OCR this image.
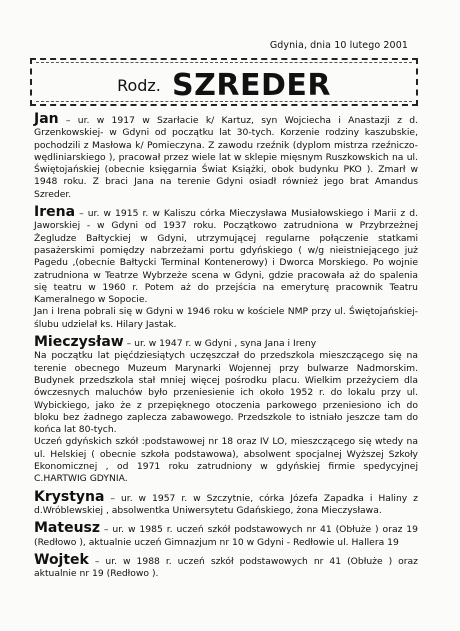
Gdynia, dnia 10 lutego 2001
Rodz. SZREDER

Jan – ur. w 1917 w Szarłacie k/ Kartuz, syn Wojciecha i Anastazji z d. Grzenkowskiej- w Gdyni od początku lat 30-tych. Korzenie rodziny kaszubskie, pochodzili z Masłowa k/ Pomieczyna. Z zawodu rzeźnik (dyplom mistrza rzeźniczo-wędliniarskiego ), pracował przez wiele lat w sklepie mięsnym Ruszkowskich na ul. Świętojańskiej (obecnie księgarnia Świat Książki, obok budynku PKO ). Zmarł w 1948 roku. Z braci Jana na terenie Gdyni osiadł również jego brat Amandus Szreder.

Irena – ur. w 1915 r. w Kaliszu córka Mieczysława Musiałowskiego i Marii z d. Jaworskiej - w Gdyni od 1937 roku. Początkowo zatrudniona w Przybrzeżnej Żegludze Bałtyckiej w Gdyni, utrzymującej regularne połączenie statkami pasażerskimi pomiędzy nabrzeżami portu gdyńskiego ( w/g nieistniejącego już Pagedu ,(obecnie Bałtycki Terminal Kontenerowy) i Dworca Morskiego. Po wojnie zatrudniona w Teatrze Wybrzeże scena w Gdyni, gdzie pracowała aż do spalenia się teatru w 1960 r. Potem aż do przejścia na emeryturę pracownik Teatru Kameralnego w Sopocie.

Jan i Irena pobrali się w Gdyni w 1946 roku w kościele NMP przy ul. Świętojańskiej-ślubu udzielał ks. Hilary Jastak.

Mieczysław – ur. w 1947 r. w Gdyni , syna Jana i Ireny

Na początku lat pięćdziesiątych uczęszczał do przedszkola mieszczącego się na terenie obecnego Muzeum Marynarki Wojennej przy bulwarze Nadmorskim. Budynek przedszkola stał mniej więcej pośrodku placu. Wielkim przeżyciem dla ówczesnych maluchów było przeniesienie ich około 1952 r. do lokalu przy ul. Wybickiego, jako że z przepięknego otoczenia parkowego przeniesiono ich do bloku bez żadnego zaplecza zabawowego. Przedszkole to istniało jeszcze tam do końca lat 80-tych.

Uczeń gdyńskich szkół :podstawowej nr 18 oraz IV LO, mieszczącego się wtedy na ul. Helskiej ( obecnie szkoła podstawowa), absolwent spocjalnej Wyższej Szkoły Ekonomicznej , od 1971 roku zatrudniony w gdyńskiej firmie spedycyjnej C.HARTWIG GDYNIA.

Krystyna – ur. w 1957 r. w Szczytnie, córka Józefa Zapadka i Haliny z d.Wróblewskiej , absolwentka Uniwersytetu Gdańskiego, żona Mieczysława.

Mateusz – ur. w 1985 r. uczeń szkół podstawowych nr 41 (Obłuże ) oraz 19 (Redłowo ), aktualnie uczeń Gimnazjum nr 10 w Gdyni - Redłowie ul. Hallera 19

Wojtek – ur. w 1988 r. uczeń szkół podstawowych nr 41 (Obłuże ) oraz aktualnie nr 19 (Redłowo ).
